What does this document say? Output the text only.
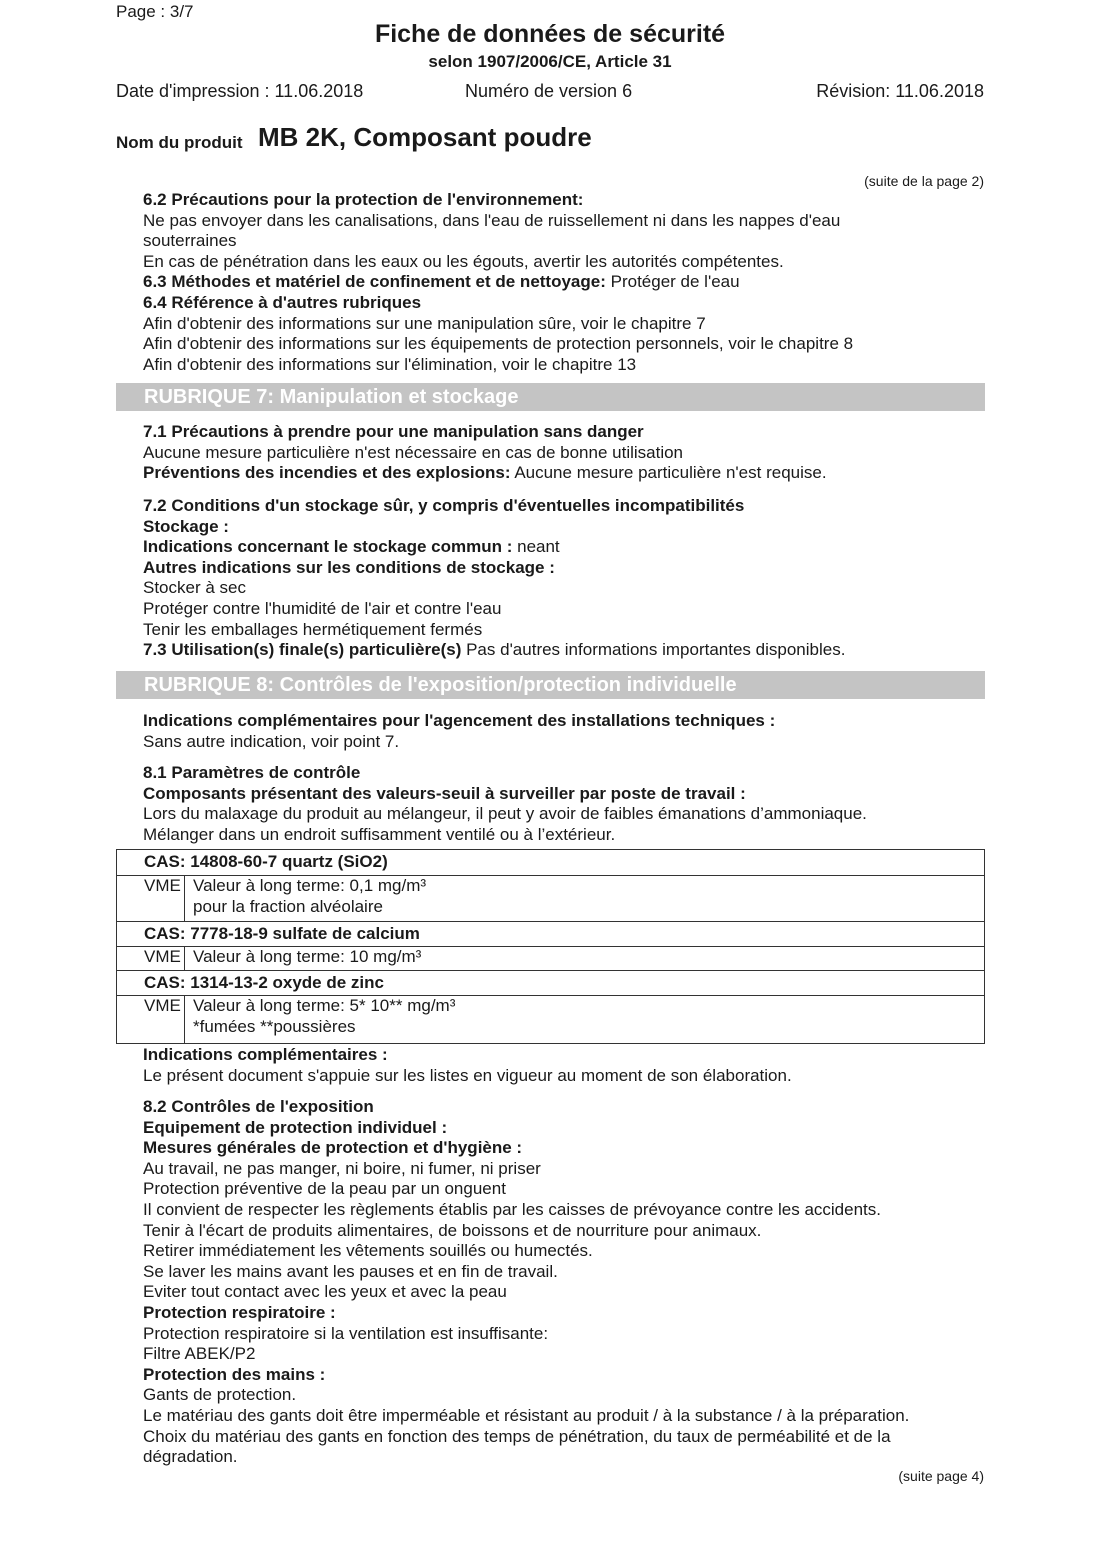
Page : 3/7
Fiche de données de sécurité
selon 1907/2006/CE, Article 31
Date d'impression : 11.06.2018	Numéro de version 6	Révision: 11.06.2018
Nom du produit MB 2K, Composant poudre
(suite de la page 2)
6.2 Précautions pour la protection de l'environnement:
Ne pas envoyer dans les canalisations, dans l'eau de ruissellement ni dans les nappes d'eau
souterraines
En cas de pénétration dans les eaux ou les égouts, avertir les autorités compétentes.
6.3 Méthodes et matériel de confinement et de nettoyage: Protéger de l'eau
6.4 Référence à d'autres rubriques
Afin d'obtenir des informations sur une manipulation sûre, voir le chapitre 7
Afin d'obtenir des informations sur les équipements de protection personnels, voir le chapitre 8
Afin d'obtenir des informations sur l'élimination, voir le chapitre 13
RUBRIQUE 7: Manipulation et stockage
7.1 Précautions à prendre pour une manipulation sans danger
Aucune mesure particulière n'est nécessaire en cas de bonne utilisation
Préventions des incendies et des explosions: Aucune mesure particulière n'est requise.
7.2 Conditions d'un stockage sûr, y compris d'éventuelles incompatibilités
Stockage :
Indications concernant le stockage commun : neant
Autres indications sur les conditions de stockage :
Stocker à sec
Protéger contre l'humidité de l'air et contre l'eau
Tenir les emballages hermétiquement fermés
7.3 Utilisation(s) finale(s) particulière(s) Pas d'autres informations importantes disponibles.
RUBRIQUE 8: Contrôles de l'exposition/protection individuelle
Indications complémentaires pour l'agencement des installations techniques :
Sans autre indication, voir point 7.
8.1 Paramètres de contrôle
Composants présentant des valeurs-seuil à surveiller par poste de travail :
Lors du malaxage du produit au mélangeur, il peut y avoir de faibles émanations d’ammoniaque.
Mélanger dans un endroit suffisamment ventilé ou à l’extérieur.
CAS: 14808-60-7 quartz (SiO2)
VME Valeur à long terme: 0,1 mg/m³
pour la fraction alvéolaire
CAS: 7778-18-9 sulfate de calcium
VME Valeur à long terme: 10 mg/m³
CAS: 1314-13-2 oxyde de zinc
VME Valeur à long terme: 5* 10** mg/m³
*fumées **poussières
Indications complémentaires :
Le présent document s'appuie sur les listes en vigueur au moment de son élaboration.
8.2 Contrôles de l'exposition
Equipement de protection individuel :
Mesures générales de protection et d'hygiène :
Au travail, ne pas manger, ni boire, ni fumer, ni priser
Protection préventive de la peau par un onguent
Il convient de respecter les règlements établis par les caisses de prévoyance contre les accidents.
Tenir à l'écart de produits alimentaires, de boissons et de nourriture pour animaux.
Retirer immédiatement les vêtements souillés ou humectés.
Se laver les mains avant les pauses et en fin de travail.
Eviter tout contact avec les yeux et avec la peau
Protection respiratoire :
Protection respiratoire si la ventilation est insuffisante:
Filtre ABEK/P2
Protection des mains :
Gants de protection.
Le matériau des gants doit être imperméable et résistant au produit / à la substance / à la préparation.
Choix du matériau des gants en fonction des temps de pénétration, du taux de perméabilité et de la
dégradation.
(suite page 4)
